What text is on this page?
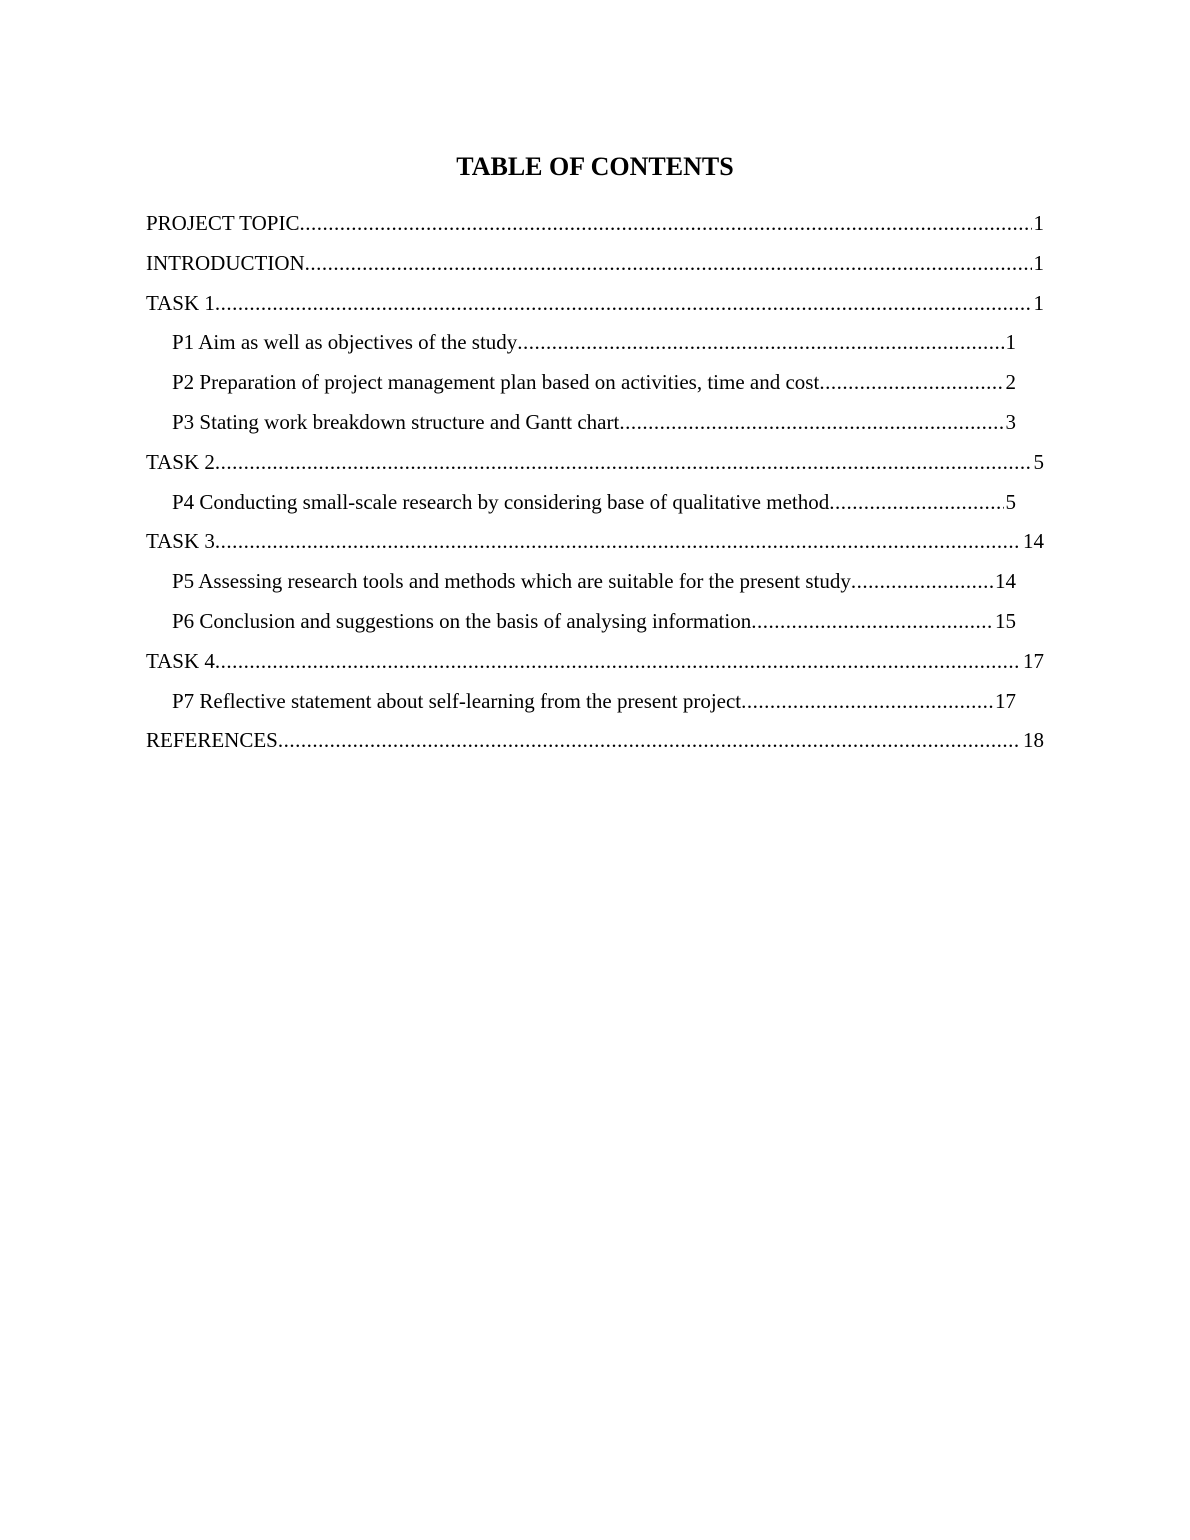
TABLE OF CONTENTS
PROJECT TOPIC .....	1
INTRODUCTION .....	1
TASK 1 .....	1
P1 Aim as well as objectives of the study .....	1
P2 Preparation of project management plan based on activities, time and cost .....	2
P3 Stating work breakdown structure and Gantt chart .....	3
TASK 2 .....	5
P4 Conducting small-scale research by considering base of qualitative method .....	5
TASK 3 .....	14
P5 Assessing research tools and methods which are suitable for the present study .....	14
P6 Conclusion and suggestions on the basis of analysing information .....	15
TASK 4 .....	17
P7 Reflective statement about self-learning from the present project .....	17
REFERENCES .....	18
